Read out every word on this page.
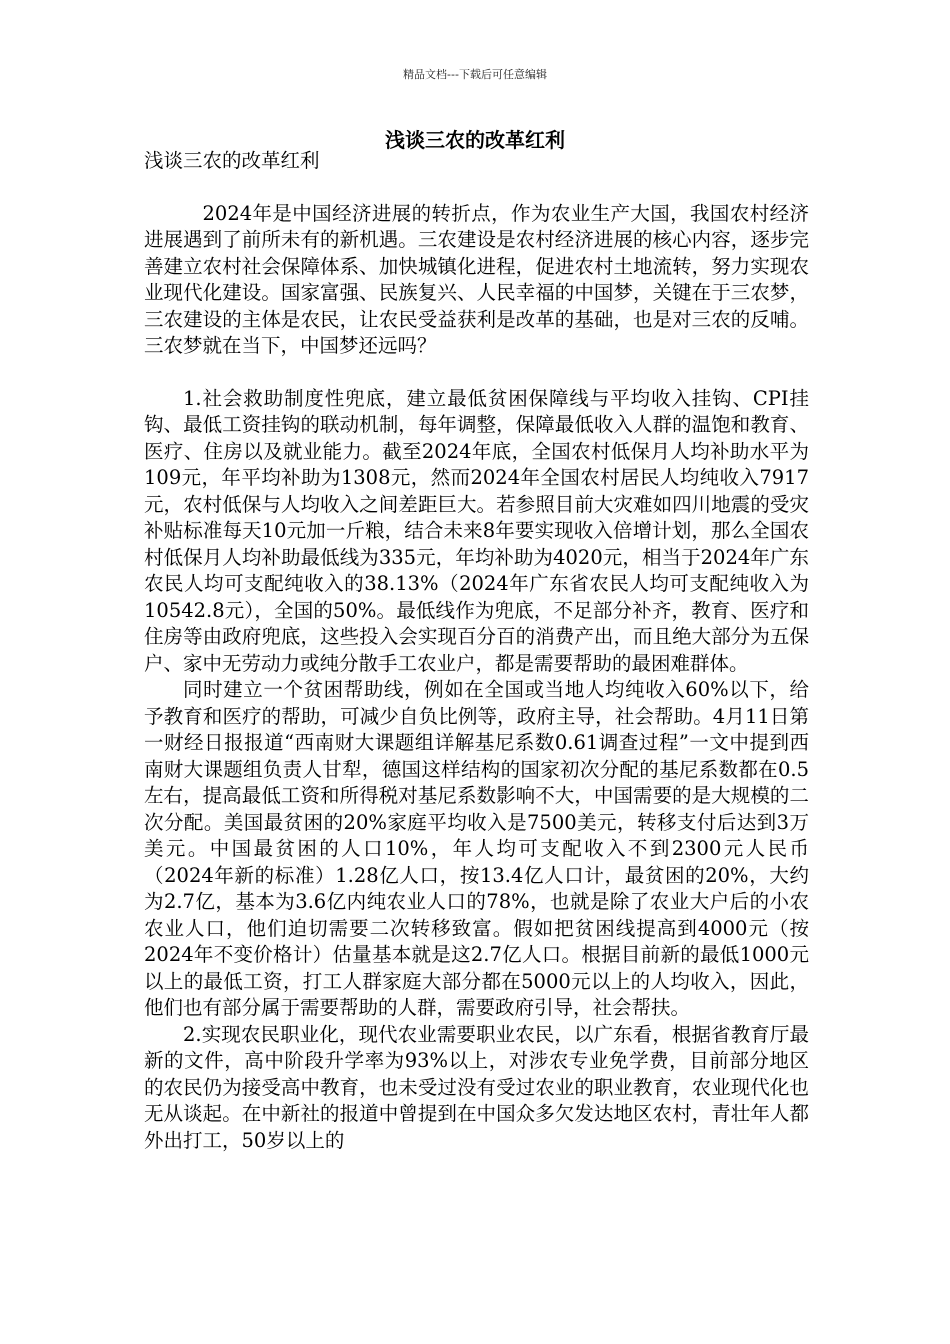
精品文档---下载后可任意编辑
浅谈三农的改革红利

浅谈三农的改革红利

2024年是中国经济进展的转折点，作为农业生产大国，我国农村经济进展遇到了前所未有的新机遇。三农建设是农村经济进展的核心内容，逐步完善建立农村社会保障体系、加快城镇化进程，促进农村土地流转，努力实现农业现代化建设。国家富强、民族复兴、人民幸福的中国梦，关键在于三农梦，三农建设的主体是农民，让农民受益获利是改革的基础，也是对三农的反哺。三农梦就在当下，中国梦还远吗？

1.社会救助制度性兜底，建立最低贫困保障线与平均收入挂钩、CPI挂钩、最低工资挂钩的联动机制，每年调整，保障最低收入人群的温饱和教育、医疗、住房以及就业能力。截至2024年底，全国农村低保月人均补助水平为109元，年平均补助为1308元，然而2024年全国农村居民人均纯收入7917元，农村低保与人均收入之间差距巨大。若参照目前大灾难如四川地震的受灾补贴标准每天10元加一斤粮，结合未来8年要实现收入倍增计划，那么全国农村低保月人均补助最低线为335元，年均补助为4020元，相当于2024年广东农民人均可支配纯收入的38.13%（2024年广东省农民人均可支配纯收入为10542.8元），全国的50%。最低线作为兜底，不足部分补齐，教育、医疗和住房等由政府兜底，这些投入会实现百分百的消费产出，而且绝大部分为五保户、家中无劳动力或纯分散手工农业户，都是需要帮助的最困难群体。

同时建立一个贫困帮助线，例如在全国或当地人均纯收入60%以下，给予教育和医疗的帮助，可减少自负比例等，政府主导，社会帮助。4月11日第一财经日报报道“西南财大课题组详解基尼系数0.61调查过程”一文中提到西南财大课题组负责人甘犁，德国这样结构的国家初次分配的基尼系数都在0.5左右，提高最低工资和所得税对基尼系数影响不大，中国需要的是大规模的二次分配。美国最贫困的20%家庭平均收入是7500美元，转移支付后达到3万美元。中国最贫困的人口10%，年人均可支配收入不到2300元人民币（2024年新的标准）1.28亿人口，按13.4亿人口计，最贫困的20%，大约为2.7亿，基本为3.6亿内纯农业人口的78%，也就是除了农业大户后的小农农业人口，他们迫切需要二次转移致富。假如把贫困线提高到4000元（按2024年不变价格计）估量基本就是这2.7亿人口。根据目前新的最低1000元以上的最低工资，打工人群家庭大部分都在5000元以上的人均收入，因此，他们也有部分属于需要帮助的人群，需要政府引导，社会帮扶。

2.实现农民职业化，现代农业需要职业农民，以广东看，根据省教育厅最新的文件，高中阶段升学率为93%以上，对涉农专业免学费，目前部分地区的农民仍为接受高中教育，也未受过没有受过农业的职业教育，农业现代化也无从谈起。在中新社的报道中曾提到在中国众多欠发达地区农村，青壮年人都外出打工，50岁以上的
